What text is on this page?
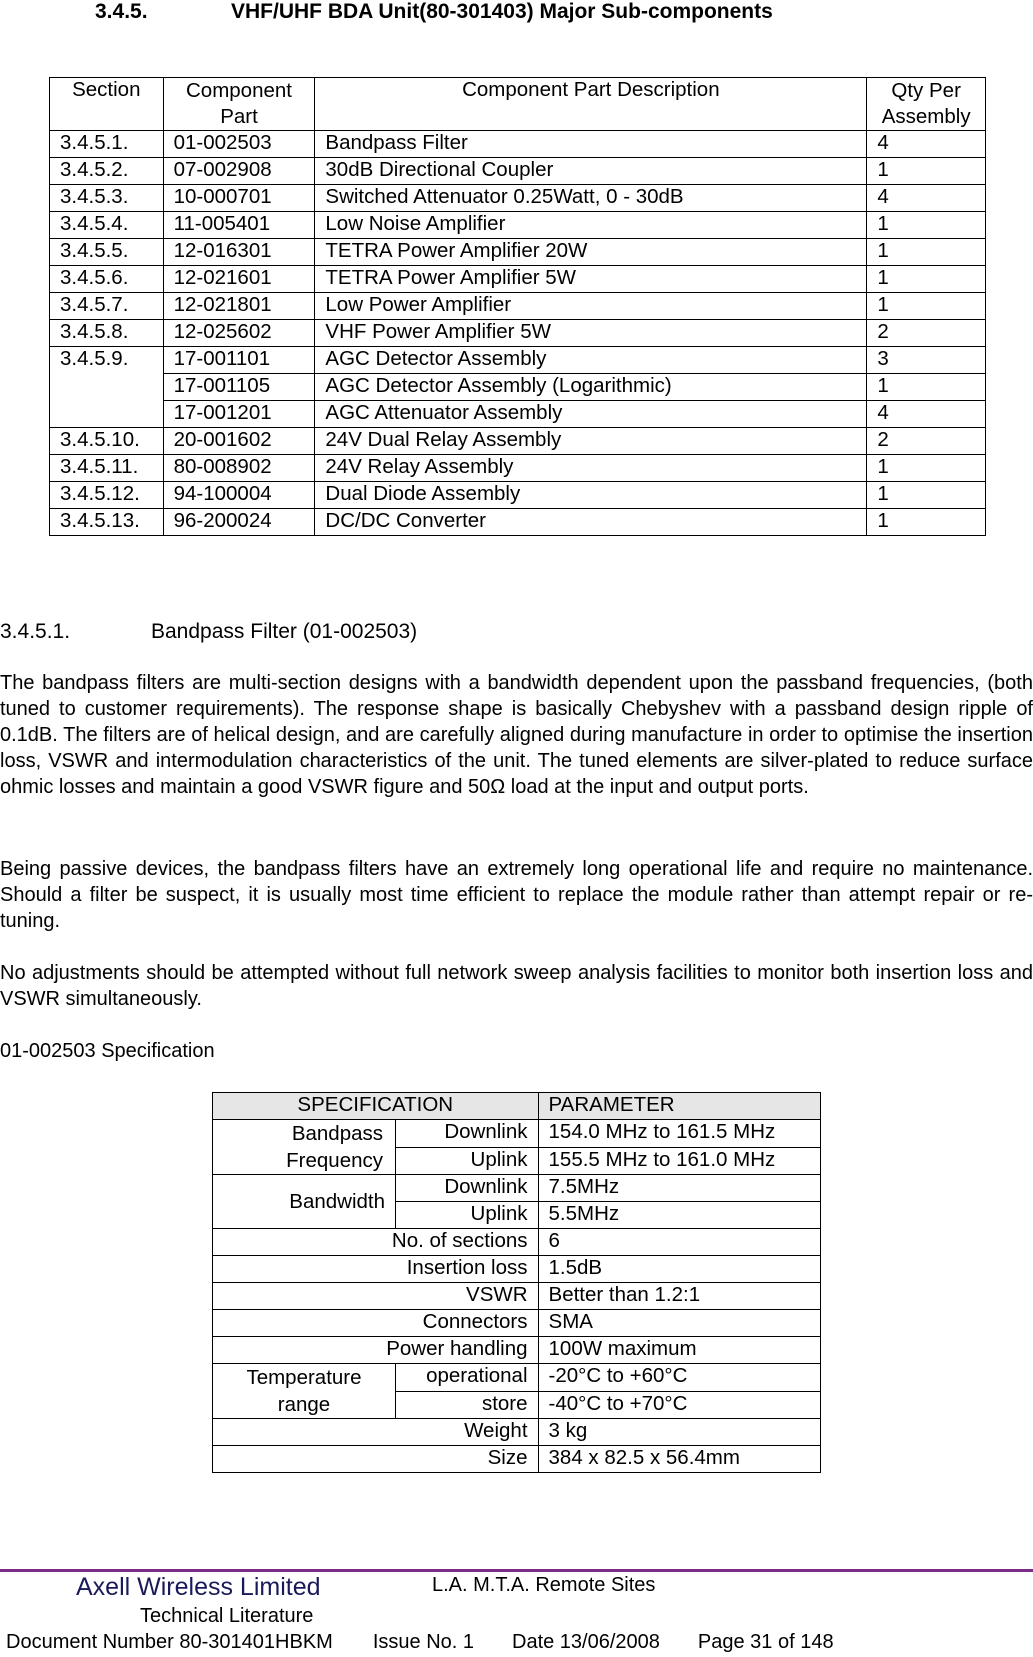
3.4.5.	VHF/UHF BDA Unit(80-301403) Major Sub-components
Section	Component Part	Component Part Description	Qty Per Assembly
3.4.5.1.	01-002503	Bandpass Filter	4
3.4.5.2.	07-002908	30dB Directional Coupler	1
3.4.5.3.	10-000701	Switched Attenuator 0.25Watt, 0 - 30dB	4
3.4.5.4.	11-005401	Low Noise Amplifier	1
3.4.5.5.	12-016301	TETRA Power Amplifier 20W	1
3.4.5.6.	12-021601	TETRA Power Amplifier 5W	1
3.4.5.7.	12-021801	Low Power Amplifier	1
3.4.5.8.	12-025602	VHF Power Amplifier 5W	2
3.4.5.9.	17-001101	AGC Detector Assembly	3
	17-001105	AGC Detector Assembly (Logarithmic)	1
	17-001201	AGC Attenuator Assembly	4
3.4.5.10.	20-001602	24V Dual Relay Assembly	2
3.4.5.11.	80-008902	24V Relay Assembly	1
3.4.5.12.	94-100004	Dual Diode Assembly	1
3.4.5.13.	96-200024	DC/DC Converter	1
3.4.5.1.	Bandpass Filter (01-002503)
The bandpass filters are multi-section designs with a bandwidth dependent upon the passband frequencies, (both tuned to customer requirements). The response shape is basically Chebyshev with a passband design ripple of 0.1dB. The filters are of helical design, and are carefully aligned during manufacture in order to optimise the insertion loss, VSWR and intermodulation characteristics of the unit. The tuned elements are silver-plated to reduce surface ohmic losses and maintain a good VSWR figure and 50Ω load at the input and output ports.
Being passive devices, the bandpass filters have an extremely long operational life and require no maintenance. Should a filter be suspect, it is usually most time efficient to replace the module rather than attempt repair or re-tuning.
No adjustments should be attempted without full network sweep analysis facilities to monitor both insertion loss and VSWR simultaneously.
01-002503 Specification
SPECIFICATION		PARAMETER
Bandpass Frequency	Downlink	154.0 MHz to 161.5 MHz
	Uplink	155.5 MHz to 161.0 MHz
Bandwidth	Downlink	7.5MHz
	Uplink	5.5MHz
No. of sections		6
Insertion loss		1.5dB
VSWR		Better than 1.2:1
Connectors		SMA
Power handling		100W maximum
Temperature range	operational	-20°C to +60°C
	store	-40°C to +70°C
Weight		3 kg
Size		384 x 82.5 x 56.4mm
Axell Wireless Limited	L.A. M.T.A. Remote Sites
Technical Literature
Document Number 80-301401HBKM Issue No. 1 Date 13/06/2008 Page 31 of 148
